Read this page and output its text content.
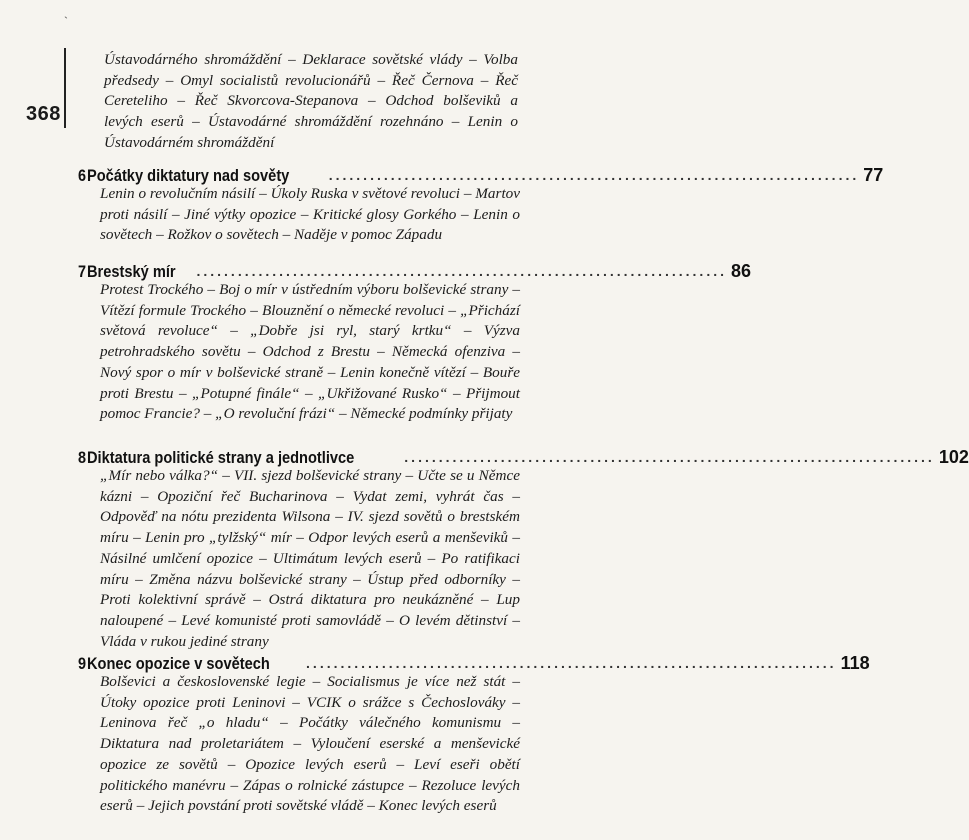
`
368
Ústavodárného shromáždění – Deklarace sovětské vlády – Volba předsedy – Omyl socialistů revolucionářů – Řeč Černova – Řeč Cereteliho – Řeč Skvorcova-Stepanova – Odchod bolševiků a levých eserů – Ústavodárné shromáždění rozehnáno – Lenin o Ústavodárném shromáždění
6 Počátky diktatury nad sověty	............................................................................. 77
Lenin o revolučním násilí – Úkoly Ruska v světové revoluci – Martov proti násilí – Jiné výtky opozice – Kritické glosy Gorkého – Lenin o sovětech – Rožkov o sovětech – Naděje v pomoc Západu
7 Brestský mír ............................................................................. 86
Protest Trockého – Boj o mír v ústředním výboru bolševické strany – Vítězí formule Trockého – Blouznění o německé revoluci – „Přichází světová revoluce“ – „Dobře jsi ryl, starý krtku“ – Výzva petrohradského sovětu – Odchod z Brestu – Německá ofenziva – Nový spor o mír v bolševické straně – Lenin konečně vítězí – Bouře proti Brestu – „Potupné finále“ – „Ukřižované Rusko“ – Přijmout pomoc Francie? – „O revoluční frázi“ – Německé podmínky přijaty
8 Diktatura politické strany a jednotlivce	............................................................................. 102
„Mír nebo válka?“ – VII. sjezd bolševické strany – Učte se u Němce kázni – Opoziční řeč Bucharinova – Vydat zemi, vyhrát čas – Odpověď na nótu prezidenta Wilsona – IV. sjezd sovětů o brestském míru – Lenin pro „tylžský“ mír – Odpor levých eserů a menševiků – Násilné umlčení opozice – Ultimátum levých eserů – Po ratifikaci míru – Změna názvu bolševické strany – Ústup před odborníky – Proti kolektivní správě – Ostrá diktatura pro neukázněné – Lup naloupené – Levé komunisté proti samovládě – O levém dětinství – Vláda v rukou jediné strany
9 Konec opozice v sovětech	............................................................................. 118
Bolševici a československé legie – Socialismus je více než stát – Útoky opozice proti Leninovi – VCIK o srážce s Čechoslováky – Leninova řeč „o hladu“ – Počátky válečného komunismu – Diktatura nad proletariátem – Vyloučení eserské a menševické opozice ze sovětů – Opozice levých eserů – Leví eseři obětí politického manévru – Zápas o rolnické zástupce – Rezoluce levých eserů – Jejich povstání proti sovětské vládě – Konec levých eserů
